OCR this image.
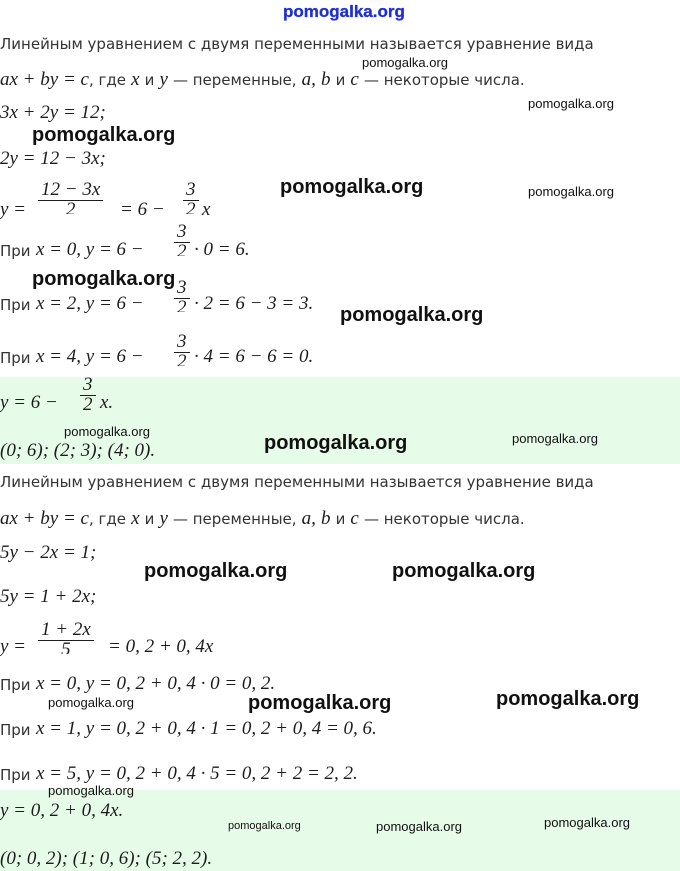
pomogalka.org
Линейным уравнением с двумя переменными называется уравнение вида
ax + by = c, где x и y — переменные, a, b и c — некоторые числа.
3x + 2y = 12;
2y = 12 − 3x;
y =
12 − 3x
2 = 6 −
3
2 x
При x = 0, y = 6 −
3
2 · 0 = 6.
При x = 2, y = 6 −
3
2 · 2 = 6 − 3 = 3.
При x = 4, y = 6 −
3
2 · 4 = 6 − 6 = 0.
y = 6 −
3
2 x.
(0; 6); (2; 3); (4; 0).
Линейным уравнением с двумя переменными называется уравнение вида
ax + by = c, где x и y — переменные, a, b и c — некоторые числа.
5y − 2x = 1;
5y = 1 + 2x;
y =
1 + 2x
5 = 0, 2 + 0, 4x
При x = 0, y = 0, 2 + 0, 4 · 0 = 0, 2.
При x = 1, y = 0, 2 + 0, 4 · 1 = 0, 2 + 0, 4 = 0, 6.
При x = 5, y = 0, 2 + 0, 4 · 5 = 0, 2 + 2 = 2, 2.
y = 0, 2 + 0, 4x.
(0; 0, 2); (1; 0, 6); (5; 2, 2).
pomogalka.org
pomogalka.org
pomogalka.org
pomogalka.org	pomogalka.org
pomogalka.org
pomogalka.org
pomogalka.org
pomogalka.org	pomogalka.org
pomogalka.org	pomogalka.org
pomogalka.org	pomogalka.org	pomogalka.org
pomogalka.org
pomogalka.org	pomogalka.org	pomogalka.org
